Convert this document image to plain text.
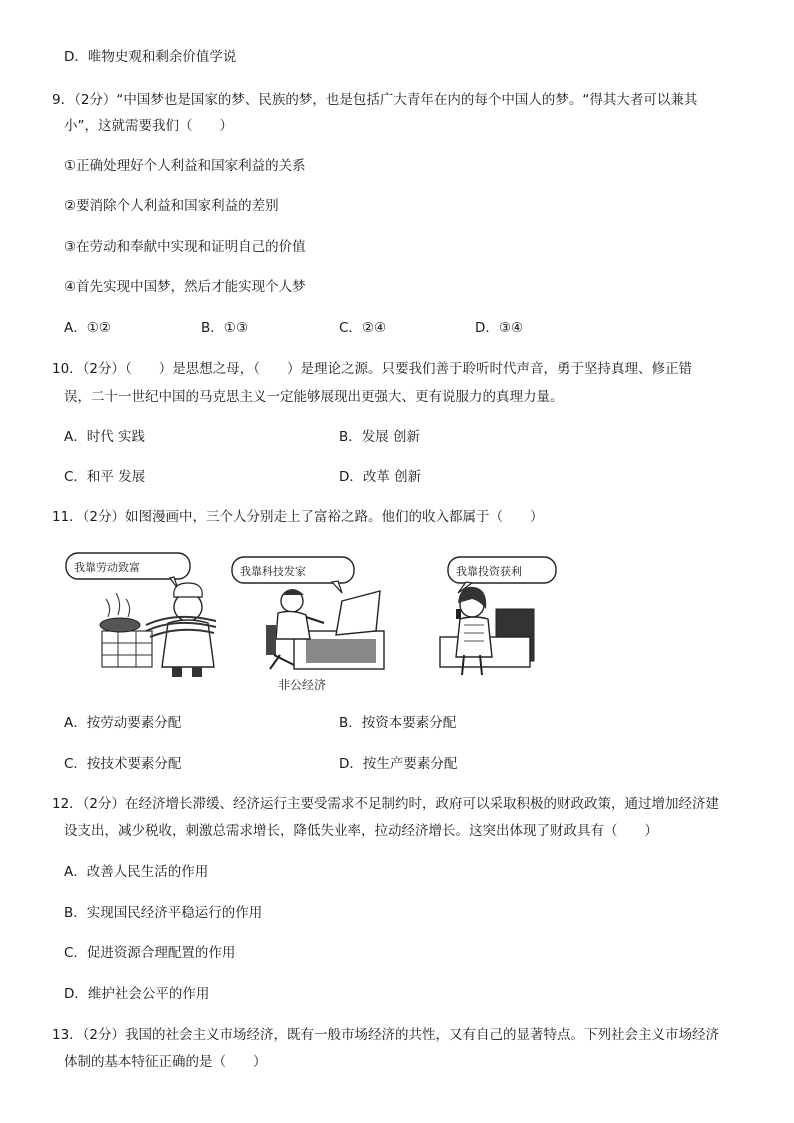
D．唯物史观和剩余价值学说
9．（2分）“中国梦也是国家的梦、民族的梦，也是包括广大青年在内的每个中国人的梦。“得其大者可以兼其
小”，这就需要我们（　　）
①正确处理好个人利益和国家利益的关系
②要消除个人利益和国家利益的差别
③在劳动和奉献中实现和证明自己的价值
④首先实现中国梦，然后才能实现个人梦
A．①②	B．①③	C．②④	D．③④
10．（2分）（　　）是思想之母，（　　）是理论之源。只要我们善于聆听时代声音，勇于坚持真理、修正错
误，二十一世纪中国的马克思主义一定能够展现出更强大、更有说服力的真理力量。
A．时代 实践	B．发展 创新
C．和平 发展	D．改革 创新
11．（2分）如图漫画中，三个人分别走上了富裕之路。他们的收入都属于（　　）
我靠劳动致富	我靠科技发家
非公经济
我靠投资获利
A．按劳动要素分配	B．按资本要素分配
C．按技术要素分配	D．按生产要素分配
12．（2分）在经济增长滞缓、经济运行主要受需求不足制约时，政府可以采取积极的财政政策，通过增加经济建
设支出，减少税收，刺激总需求增长，降低失业率，拉动经济增长。这突出体现了财政具有（　　）
A．改善人民生活的作用
B．实现国民经济平稳运行的作用
C．促进资源合理配置的作用
D．维护社会公平的作用
13．（2分）我国的社会主义市场经济，既有一般市场经济的共性，又有自己的显著特点。下列社会主义市场经济
体制的基本特征正确的是（　　）
